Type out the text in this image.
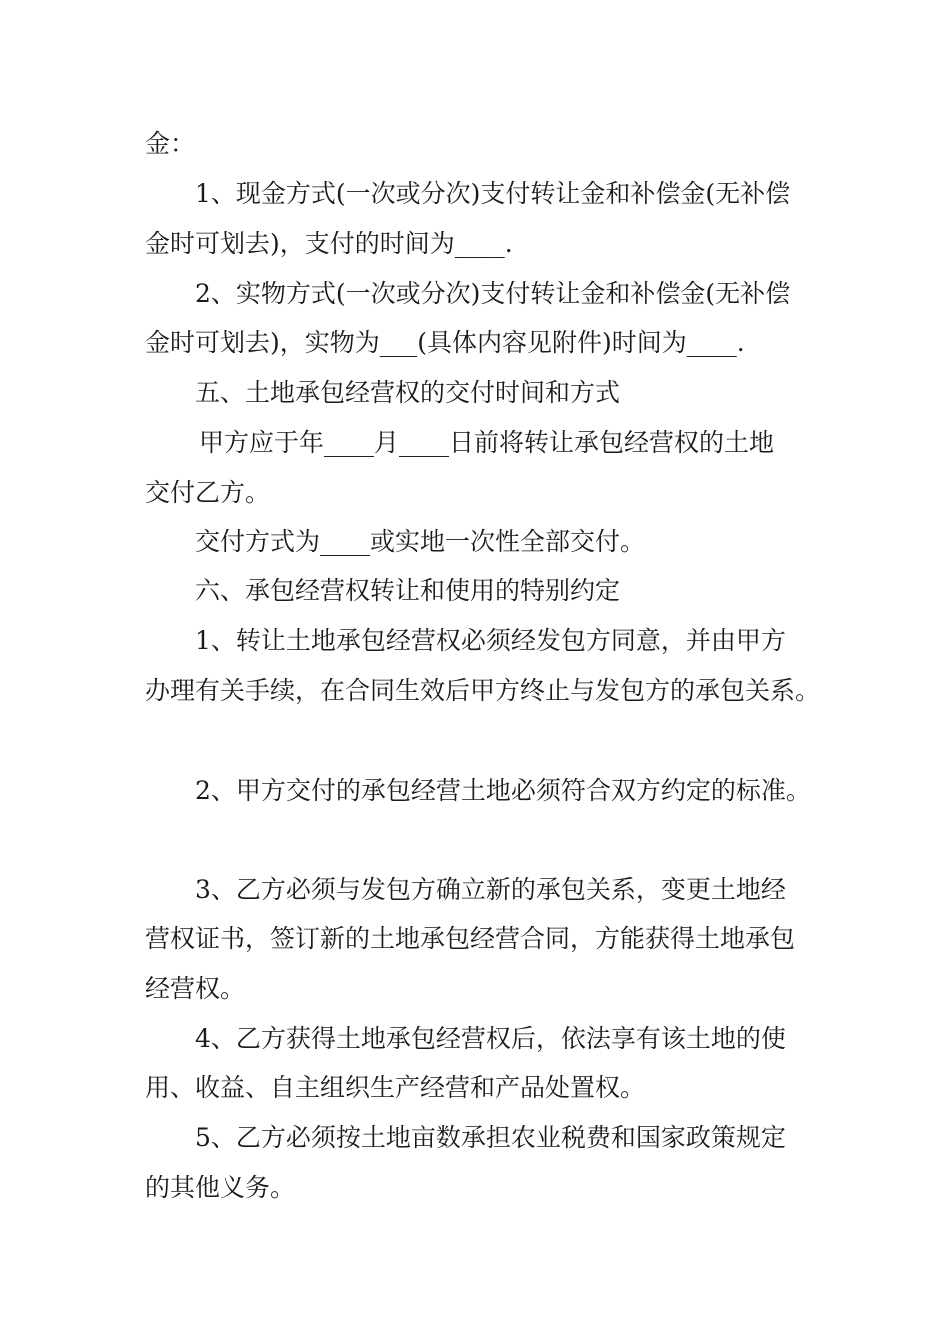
金：
1、现金方式(一次或分次)支付转让金和补偿金(无补偿
金时可划去)，支付的时间为____.
2、实物方式(一次或分次)支付转让金和补偿金(无补偿
金时可划去)，实物为___(具体内容见附件)时间为____.
五、土地承包经营权的交付时间和方式
甲方应于年____月____日前将转让承包经营权的土地
交付乙方。
交付方式为____或实地一次性全部交付。
六、承包经营权转让和使用的特别约定
1、转让土地承包经营权必须经发包方同意，并由甲方
办理有关手续，在合同生效后甲方终止与发包方的承包关系。
2、甲方交付的承包经营土地必须符合双方约定的标准。
3、乙方必须与发包方确立新的承包关系，变更土地经
营权证书，签订新的土地承包经营合同，方能获得土地承包
经营权。
4、乙方获得土地承包经营权后，依法享有该土地的使
用、收益、自主组织生产经营和产品处置权。
5、乙方必须按土地亩数承担农业税费和国家政策规定
的其他义务。
